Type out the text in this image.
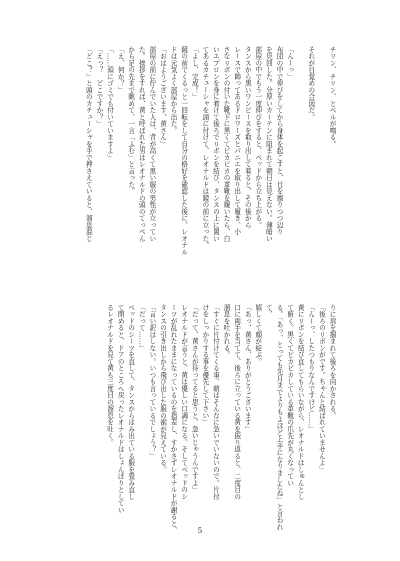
チリン、チリン、とベルが鳴る。

それが目覚めの合図だ。

「んーっ」

布団の中で伸びをしてから身体を起こすと、目を擦りつつ辺り

を見回した。分厚いカーテンに阻まれて朝日は見えない。薄暗い

部屋の中でもう一度伸びをすると、ベッドから立ち上がる。

タンスから黒いワンピースを取り出して着ると、その後から

レースで飾ってあるドロワーズとパニエを取り出して履き、小

さなリボンの付いた靴下に黒くてピカピカの革靴を履いたら、白

いエプロンを身に着けて後ろでリボンを結び、タンスの上に置い

てあるカチューシャを頭に付けて、レオナルドは鏡の前に立った。

「よし、完成！」

鏡の前でくるっと一回転をして自分の格好を確認した後に、レオナル

ドは元気よく部屋から出た。

「おはようございます、黄さん」

部屋の前に佇んでいた人は、背が高くて黒い服の男性が立ってい

た。挨拶をすれば、黄と呼ばれた男はレオナルドの頭のてっぺん

から足の先まで眺めて、一言「ふむ」と言った。

「え、何か？」

「……頭にゴミでも付いていますよ」

「えっ？　どこですか？」

「どこ？」と頭のカチューシャを手で押さえていると、溜息混じ

りに肩を掴まれて後ろを向かされる。

「後ろのリボンがです。ちゃんと結ばれていませんよ」

「んーっ、したつもりなんですけど……」

黄にリボンを結び直してもらいながら、レオナルドはしゅんとし

て俯く。黒くてピカピカしている革靴の爪先が丸くなってい

る。「あっ、とっても先月までよりもよほど上手になりましたね」と言われて、

嬉しくて顔が綻ぶ。

「あっ、黄さん、ありがとうございます」

口に両手を当てて、後ろに立っている黄を振り返ると、二度目の

溜息を吐かれる。

「すぐに片付けてくる事。朝はそんなに急いでいないので。片付

けをしっかりする事を優先して下さい」

「だって、黄さんが待ってると思うと、急いじゃうんですよ」

レオナルドが言うと、黄は優しい口調になる。そしてベッドのシ

ーツが乱れたままになっているのを指差し、すかさずレオナルドが謝ると、

タンスの引き出しから飛び出した服の裾が見えている。

「言い訳はしない。いつも言っているでしょう？」

「だって……」

ベッドのシーツを直して、タンスからはみ出ている服を畳み直し

て閉めると、ドアのところへ戻ったレオナルドはしょんぼりとしてい

るレオナルドを見て黄も三度目の溜息を吐く。

5
